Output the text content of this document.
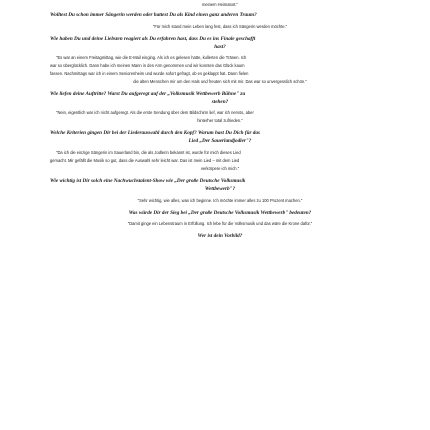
meinem Heimatort."
Wolltest Du schon immer Sängerin werden oder hattest Du als Kind einen ganz anderen Traum?
"Für mich stand mein Leben lang fest, dass ich Sängerin werden möchte."
Wie haben Du und deine Liebsten reagiert als Du erfahren hast, dass Du es ins Finale geschafft
hast?
"Es war an einem Freitagmittag, wie die E-Mail einging. Als ich es gelesen hatte, kullerten die Tränen. Ich
war so überglücklich. Dann habe ich meinen Mann in den Arm genommen und wir konnten das Glück kaum
fassen. Nachmittags war ich in einem Seniorenheim und wurde sofort gefragt, ob es geklappt hat. Dann fielen
die alten Menschen mir um den Hals und freuten sich mit mir. Das war so unvergesslich schön."
Wie liefen deine Auftritte? Warst Du aufgeregt auf der „Volksmusik Wettbewerb Bühne" zu
stehen?
"Nein, eigentlich war ich nicht aufgeregt. Als die erste Sendung über dem Bildschirm lief, war ich nervös, aber
hinterher total zufrieden."
Welche Kriterien gingen Dir bei der Liederauswahl durch den Kopf? Warum hast Du Dich für das
Lied „Der Sauerlandjodler"?
"Da ich die einzige Sängerin im Sauerland bin, die als Jodlerin bekannt ist, wurde für mich dieses Lied
gemacht. Mir gefällt die Musik so gut, dass die Auswahl sehr leicht war. Das ist mein Lied – mit dem Lied
verkörpere ich mich."
Wie wichtig ist Dir solch eine Nachwuchstalent-Show wie „Der große Deutsche Volksmusik
Wettbewerb"?
"Sehr wichtig, wie alles, was ich beginne. Ich möchte immer alles zu 100 Prozent machen."
Was würde Dir der Sieg bei „Der große Deutsche Volksmusik Wettbewerb" bedeuten?
"Damit ginge ein Lebenstraum in Erfüllung. Ich lebe für die Volksmusik und das wäre die Krone dafür."
Wer ist dein Vorbild?
